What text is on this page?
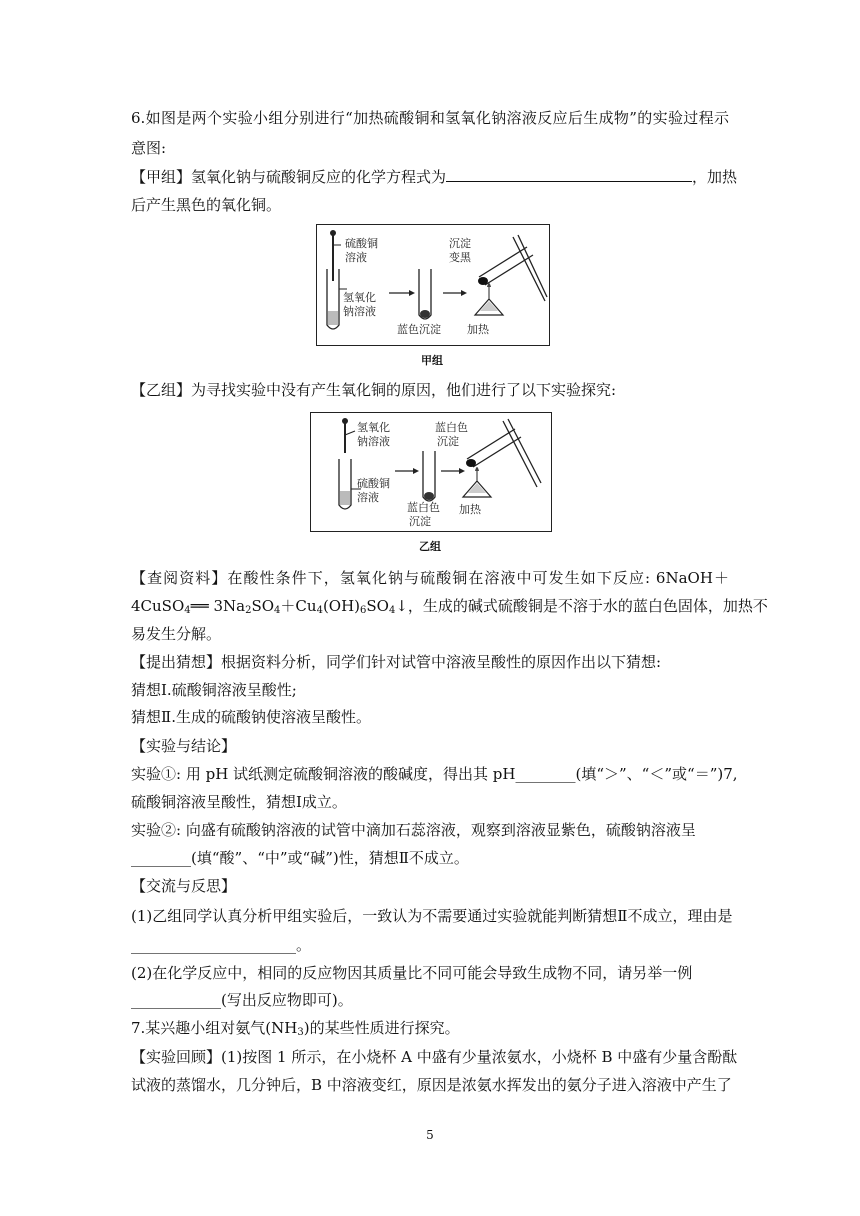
6.如图是两个实验小组分别进行“加热硫酸铜和氢氧化钠溶液反应后生成物”的实验过程示
意图:
【甲组】氢氧化钠与硫酸铜反应的化学方程式为	，加热
后产生黑色的氧化铜。
硫酸铜
溶液
氢氧化
钠溶液
蓝色沉淀
沉淀
变黑
加热
甲组
【乙组】为寻找实验中没有产生氧化铜的原因，他们进行了以下实验探究:
氢氧化
钠溶液
硫酸铜
溶液
蓝白色
沉淀
蓝白色
沉淀
加热
乙组
【查阅资料】在酸性条件下，氢氧化钠与硫酸铜在溶液中可发生如下反应: 6NaOH＋
4CuSO$_4$══ $3Na_2SO_4+Cu_4(OH)_6SO_4↓$，生成的碱式硫酸铜是不溶于水的蓝白色固体，加热不
易发生分解。
【提出猜想】根据资料分析，同学们针对试管中溶液呈酸性的原因作出以下猜想:
猜想Ⅰ.硫酸铜溶液呈酸性;
猜想Ⅱ.生成的硫酸钠使溶液呈酸性。
【实验与结论】
实验①: 用 pH 试纸测定硫酸铜溶液的酸碱度，得出其 pH________(填“＞”、“＜”或“＝”)7,
硫酸铜溶液呈酸性，猜想Ⅰ成立。
实验②: 向盛有硫酸钠溶液的试管中滴加石蕊溶液，观察到溶液显紫色，硫酸钠溶液呈
________(填“酸”、“中”或“碱”)性，猜想Ⅱ不成立。
【交流与反思】
(1)乙组同学认真分析甲组实验后，一致认为不需要通过实验就能判断猜想Ⅱ不成立，理由是
______________________。
(2)在化学反应中，相同的反应物因其质量比不同可能会导致生成物不同，请另举一例
____________(写出反应物即可)。
7.某兴趣小组对氨气$(NH_3)$的某些性质进行探究。
【实验回顾】(1)按图 1 所示，在小烧杯 A 中盛有少量浓氨水，小烧杯 B 中盛有少量含酚酞
试液的蒸馏水，几分钟后，B 中溶液变红，原因是浓氨水挥发出的氨分子进入溶液中产生了
5
